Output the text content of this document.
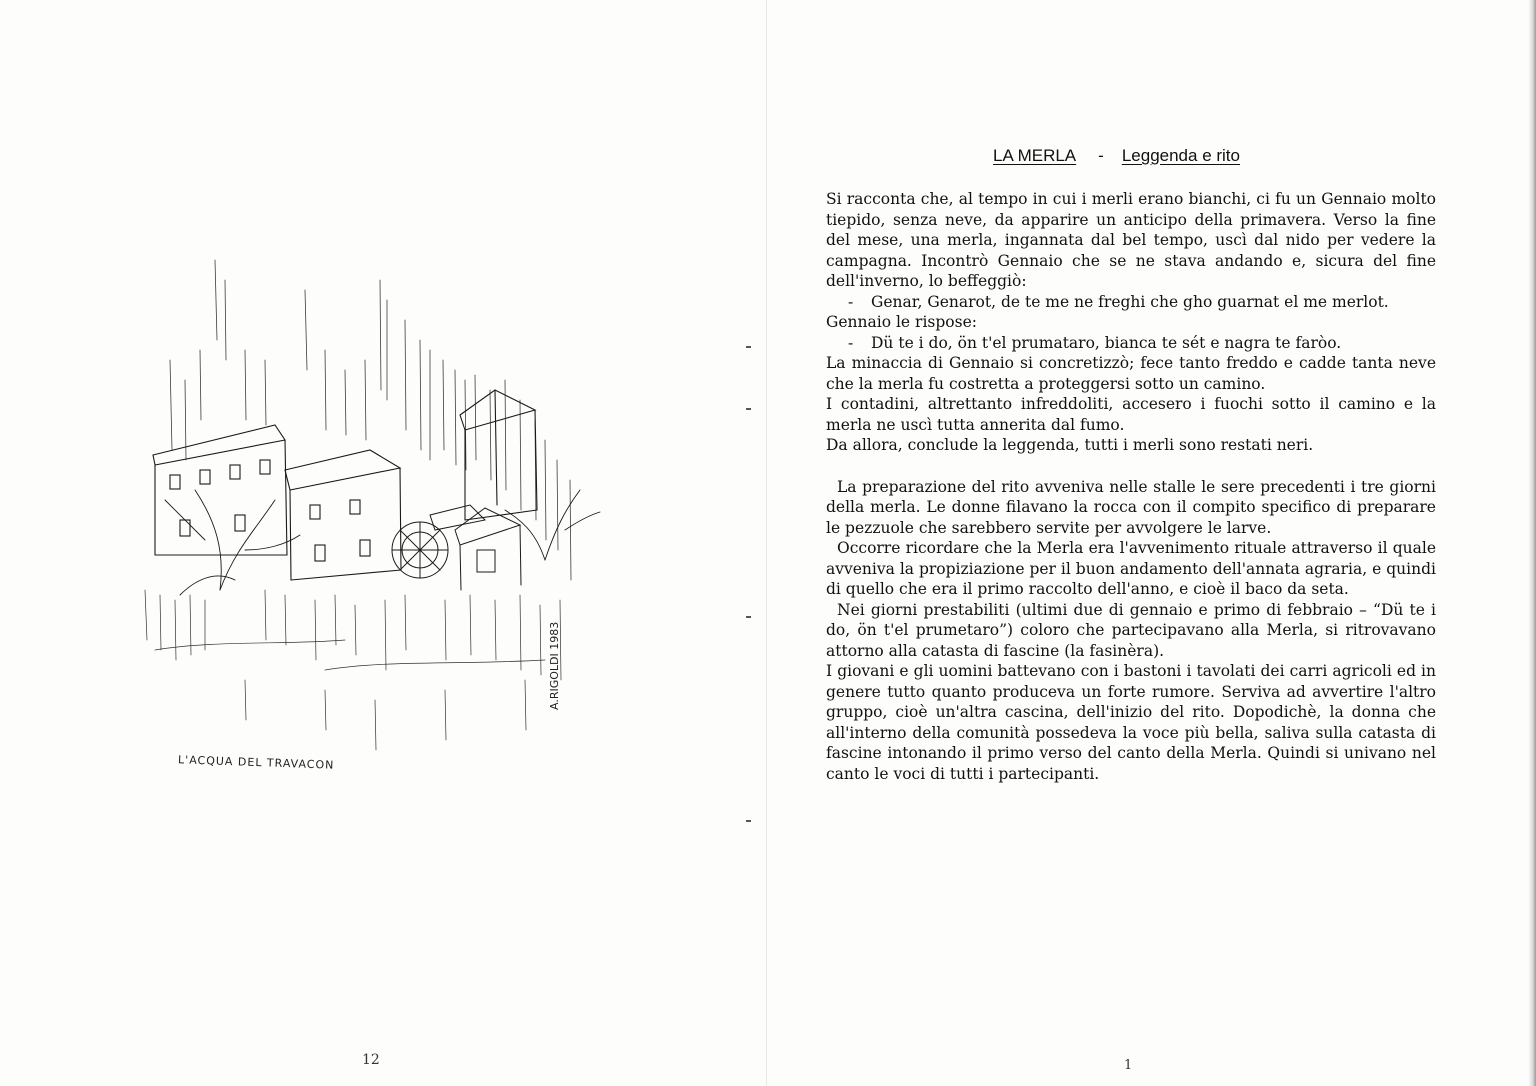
L'ACQUA DEL TRAVACON
A.RIGOLDI 1983
12
LA MERLA - Leggenda e rito

Si racconta che, al tempo in cui i merli erano bianchi, ci fu un Gennaio molto tiepido, senza neve, da apparire un anticipo della primavera. Verso la fine del mese, una merla, ingannata dal bel tempo, uscì dal nido per vedere la campagna. Incontrò Gennaio che se ne stava andando e, sicura del fine dell'inverno, lo beffeggiò:

- Genar, Genarot, de te me ne freghi che gho guarnat el me merlot.

Gennaio le rispose:

- Dü te i do, ön t'el prumataro, bianca te sét e nagra te faròo.

La minaccia di Gennaio si concretizzò; fece tanto freddo e cadde tanta neve che la merla fu costretta a proteggersi sotto un camino.

I contadini, altrettanto infreddoliti, accesero i fuochi sotto il camino e la merla ne uscì tutta annerita dal fumo.

Da allora, conclude la leggenda, tutti i merli sono restati neri.

La preparazione del rito avveniva nelle stalle le sere precedenti i tre giorni della merla. Le donne filavano la rocca con il compito specifico di preparare le pezzuole che sarebbero servite per avvolgere le larve.

Occorre ricordare che la Merla era l'avvenimento rituale attraverso il quale avveniva la propiziazione per il buon andamento dell'annata agraria, e quindi di quello che era il primo raccolto dell'anno, e cioè il baco da seta.

Nei giorni prestabiliti (ultimi due di gennaio e primo di febbraio – “Dü te i do, ön t'el prumetaro”) coloro che partecipavano alla Merla, si ritrovavano attorno alla catasta di fascine (la fasinèra).

I giovani e gli uomini battevano con i bastoni i tavolati dei carri agricoli ed in genere tutto quanto produceva un forte rumore. Serviva ad avvertire l'altro gruppo, cioè un'altra cascina, dell'inizio del rito. Dopodichè, la donna che all'interno della comunità possedeva la voce più bella, saliva sulla catasta di fascine intonando il primo verso del canto della Merla. Quindi si univano nel canto le voci di tutti i partecipanti.

1
